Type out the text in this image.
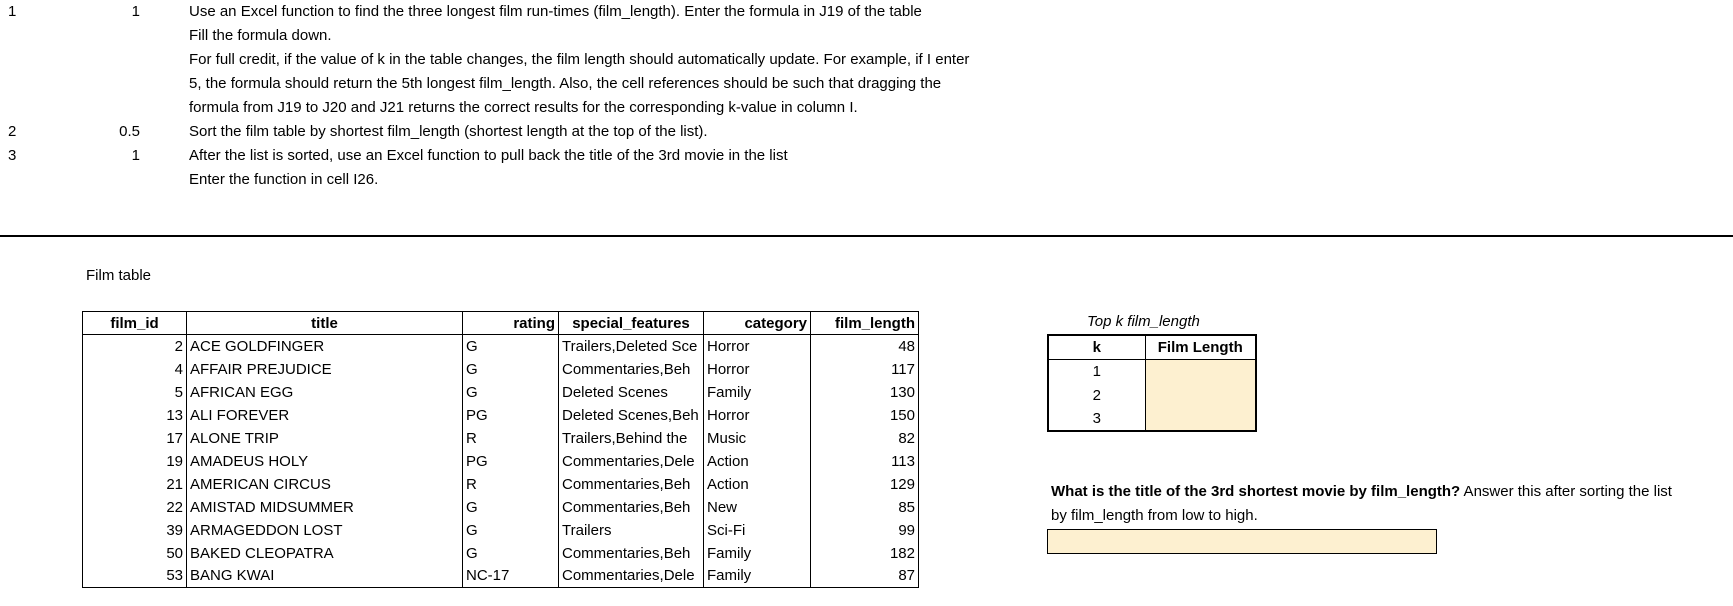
1	1	Use an Excel function to find the three longest film run-times (film_length). Enter the formula in J19 of the table
Fill the formula down.
For full credit, if the value of k in the table changes, the film length should automatically update. For example, if I enter
5, the formula should return the 5th longest film_length. Also, the cell references should be such that dragging the
formula from J19 to J20 and J21 returns the correct results for the corresponding k-value in column I.
2	0.5	Sort the film table by shortest film_length (shortest length at the top of the list).
3	1	After the list is sorted, use an Excel function to pull back the title of the 3rd movie in the list
Enter the function in cell I26.
Film table
film_id	title	rating	special_features	category	film_length
2	ACE GOLDFINGER	G	Trailers,Deleted Sce	Horror	48
4	AFFAIR PREJUDICE	G	Commentaries,Beh	Horror	117
5	AFRICAN EGG	G	Deleted Scenes	Family	130
13	ALI FOREVER	PG	Deleted Scenes,Beh	Horror	150
17	ALONE TRIP	R	Trailers,Behind the	Music	82
19	AMADEUS HOLY	PG	Commentaries,Dele	Action	113
21	AMERICAN CIRCUS	R	Commentaries,Beh	Action	129
22	AMISTAD MIDSUMMER	G	Commentaries,Beh	New	85
39	ARMAGEDDON LOST	G	Trailers	Sci-Fi	99
50	BAKED CLEOPATRA	G	Commentaries,Beh	Family	182
53	BANG KWAI	NC-17	Commentaries,Dele	Family	87
Top k film_length
k	Film Length
1	
2	
3	
What is the title of the 3rd shortest movie by film_length? Answer this after sorting the list
by film_length from low to high.
